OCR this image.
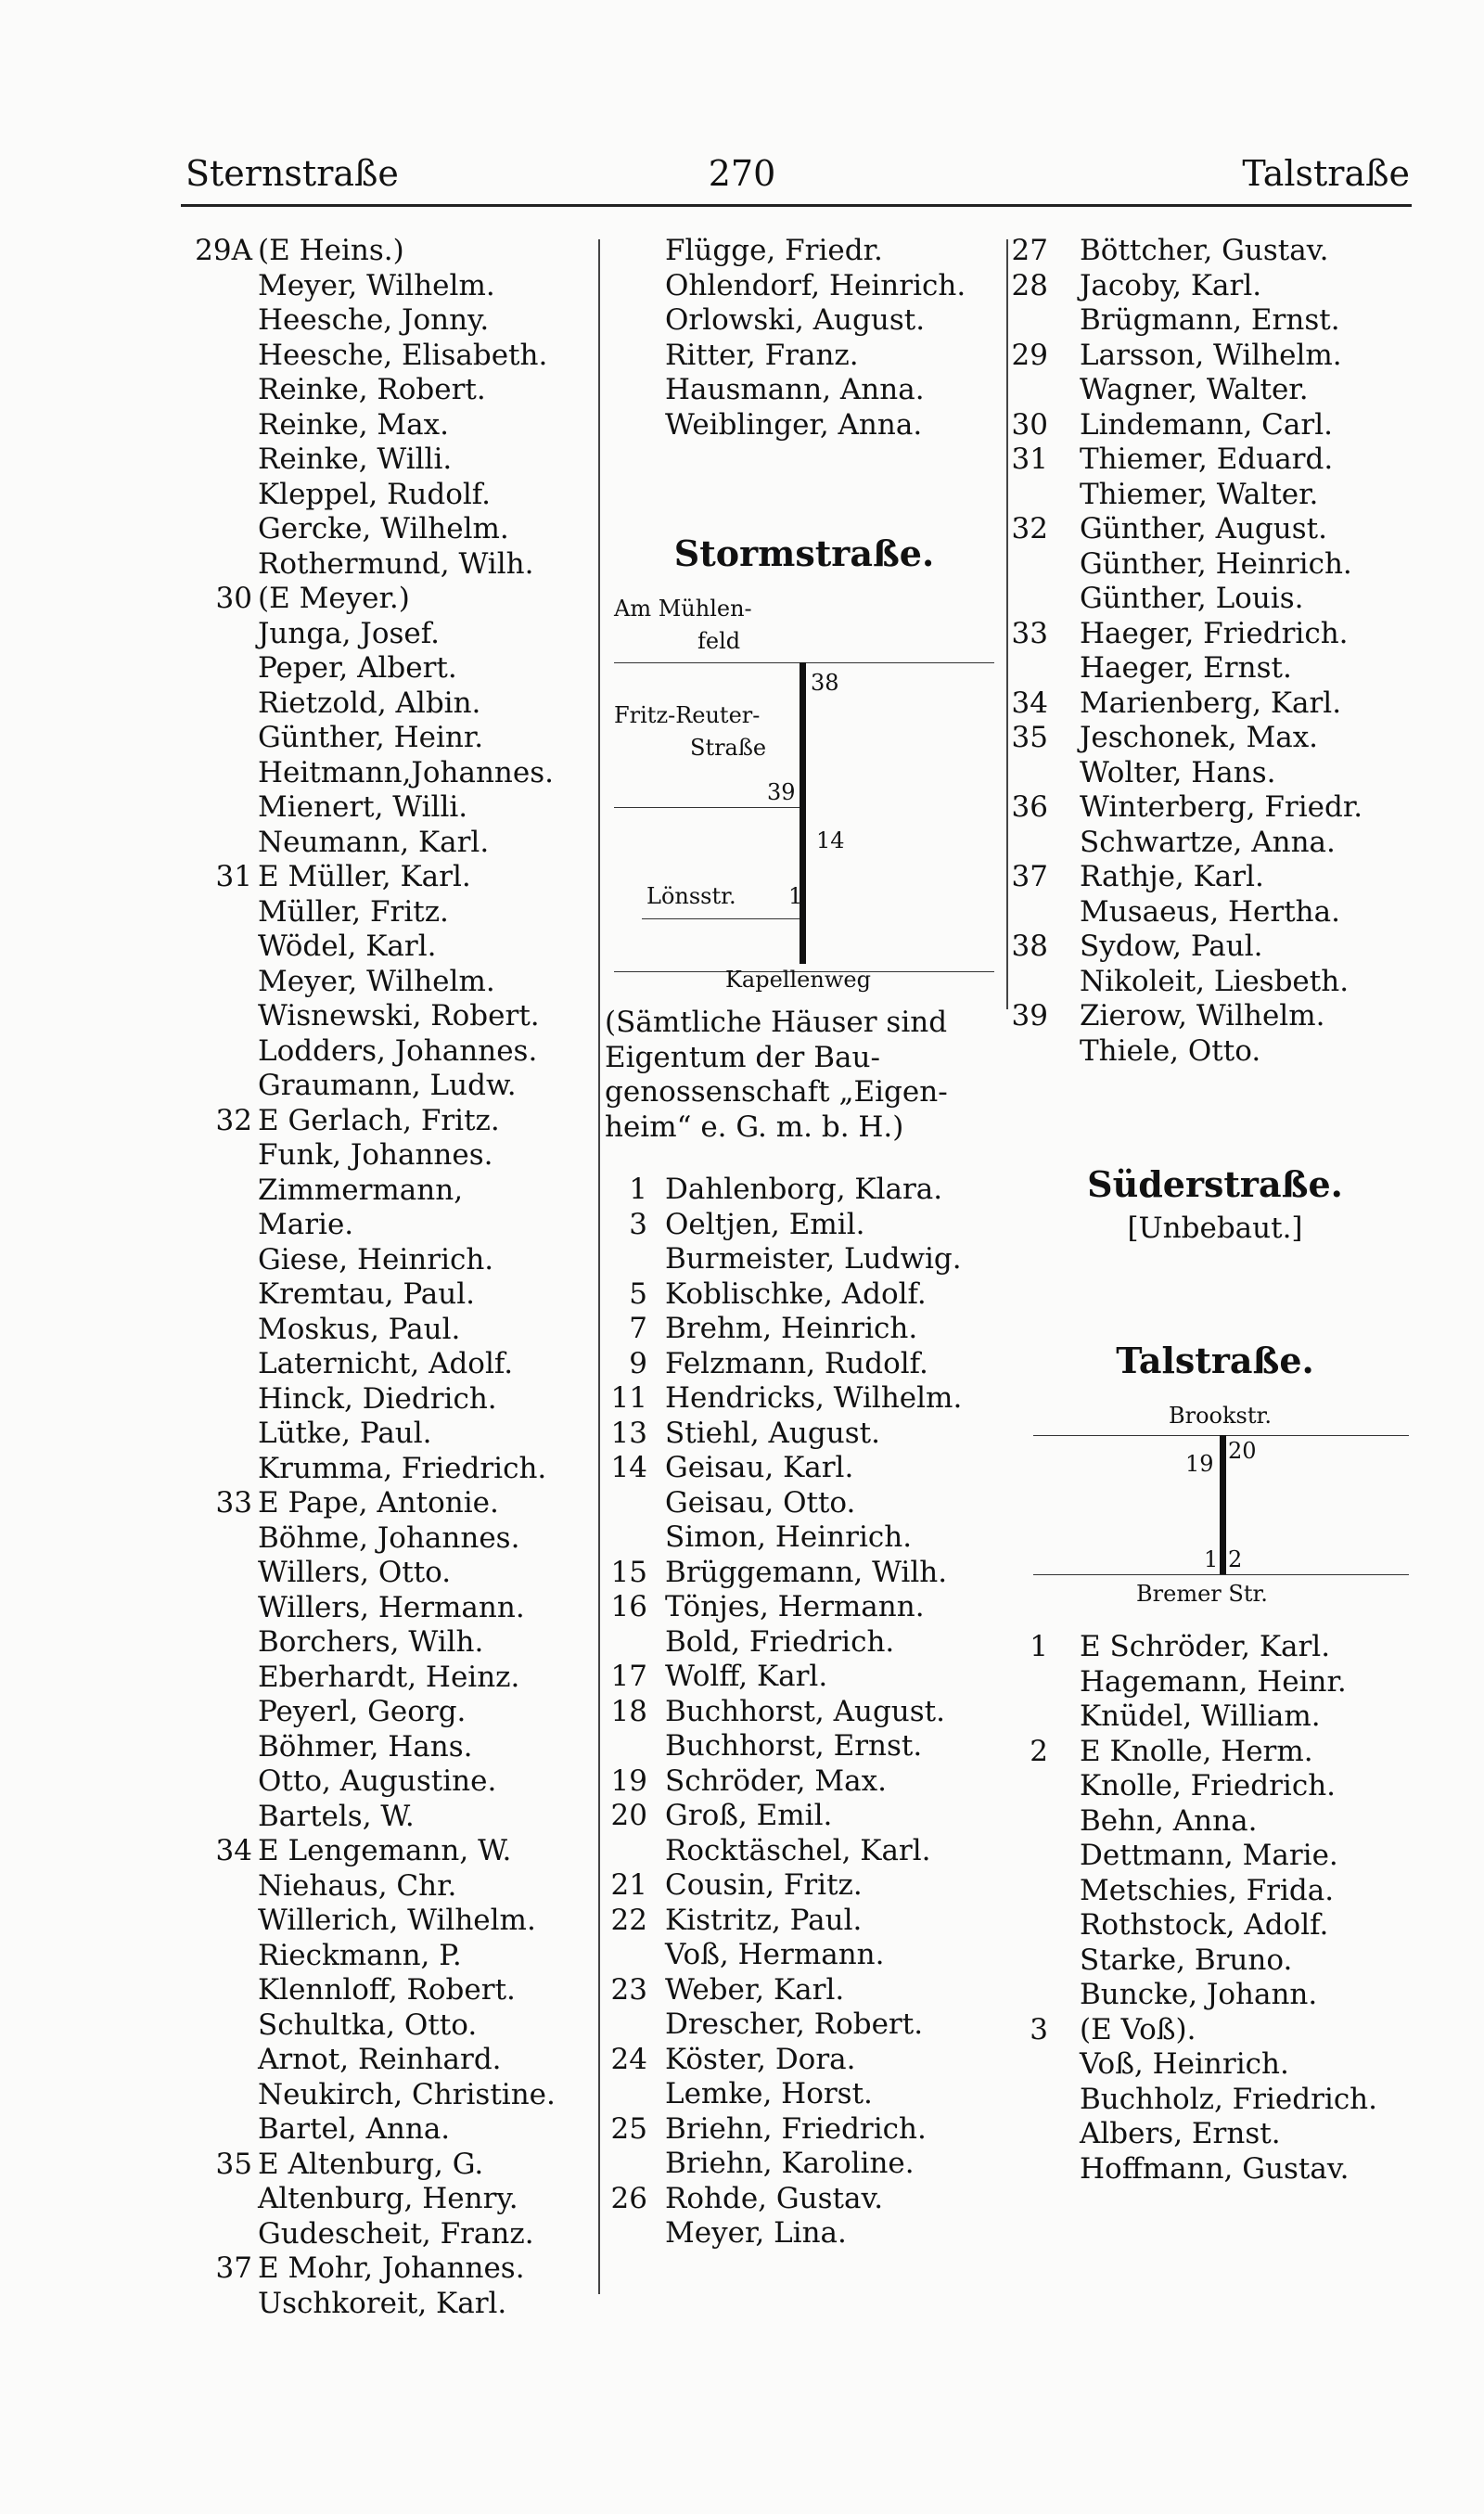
Sternstraße	270	Talstraße
29A (E Heins.)
Meyer, Wilhelm.
Heesche, Jonny.
Heesche, Elisabeth.
Reinke, Robert.
Reinke, Max.
Reinke, Willi.
Kleppel, Rudolf.
Gercke, Wilhelm.
Rothermund, Wilh.
30 (E Meyer.)
Junga, Josef.
Peper, Albert.
Rietzold, Albin.
Günther, Heinr.
Heitmann,Johannes.
Mienert, Willi.
Neumann, Karl.
31 E Müller, Karl.
Müller, Fritz.
Wödel, Karl.
Meyer, Wilhelm.
Wisnewski, Robert.
Lodders, Johannes.
Graumann, Ludw.
32 E Gerlach, Fritz.
Funk, Johannes.
Zimmermann,
Marie.
Giese, Heinrich.
Kremtau, Paul.
Moskus, Paul.
Laternicht, Adolf.
Hinck, Diedrich.
Lütke, Paul.
Krumma, Friedrich.
33 E Pape, Antonie.
Böhme, Johannes.
Willers, Otto.
Willers, Hermann.
Borchers, Wilh.
Eberhardt, Heinz.
Peyerl, Georg.
Böhmer, Hans.
Otto, Augustine.
Bartels, W.
34 E Lengemann, W.
Niehaus, Chr.
Willerich, Wilhelm.
Rieckmann, P.
Klennloff, Robert.
Schultka, Otto.
Arnot, Reinhard.
Neukirch, Christine.
Bartel, Anna.
35 E Altenburg, G.
Altenburg, Henry.
Gudescheit, Franz.
37 E Mohr, Johannes.
Uschkoreit, Karl.
Flügge, Friedr.
Ohlendorf, Heinrich.
Orlowski, August.
Ritter, Franz.
Hausmann, Anna.
Weiblinger, Anna.
Stormstraße.
Am Mühlen-
feld
38
Fritz-Reuter-
Straße
39
14
Lönsstr. 1
Kapellenweg
(Sämtliche Häuser sind
Eigentum der Bau-
genossenschaft „Eigen-
heim“ e. G. m. b. H.)
1 Dahlenborg, Klara.
3 Oeltjen, Emil.
Burmeister, Ludwig.
5 Koblischke, Adolf.
7 Brehm, Heinrich.
9 Felzmann, Rudolf.
11 Hendricks, Wilhelm.
13 Stiehl, August.
14 Geisau, Karl.
Geisau, Otto.
Simon, Heinrich.
15 Brüggemann, Wilh.
16 Tönjes, Hermann.
Bold, Friedrich.
17 Wolff, Karl.
18 Buchhorst, August.
Buchhorst, Ernst.
19 Schröder, Max.
20 Groß, Emil.
Rocktäschel, Karl.
21 Cousin, Fritz.
22 Kistritz, Paul.
Voß, Hermann.
23 Weber, Karl.
Drescher, Robert.
24 Köster, Dora.
Lemke, Horst.
25 Briehn, Friedrich.
Briehn, Karoline.
26 Rohde, Gustav.
Meyer, Lina.
27 Böttcher, Gustav.
28 Jacoby, Karl.
Brügmann, Ernst.
29 Larsson, Wilhelm.
Wagner, Walter.
30 Lindemann, Carl.
31 Thiemer, Eduard.
Thiemer, Walter.
32 Günther, August.
Günther, Heinrich.
Günther, Louis.
33 Haeger, Friedrich.
Haeger, Ernst.
34 Marienberg, Karl.
35 Jeschonek, Max.
Wolter, Hans.
36 Winterberg, Friedr.
Schwartze, Anna.
37 Rathje, Karl.
Musaeus, Hertha.
38 Sydow, Paul.
Nikoleit, Liesbeth.
39 Zierow, Wilhelm.
Thiele, Otto.
Süderstraße.
[Unbebaut.]
Talstraße.
Brookstr.
19 20
1 2
Bremer Str.
1 E Schröder, Karl.
Hagemann, Heinr.
Knüdel, William.
2 E Knolle, Herm.
Knolle, Friedrich.
Behn, Anna.
Dettmann, Marie.
Metschies, Frida.
Rothstock, Adolf.
Starke, Bruno.
Buncke, Johann.
3 (E Voß).
Voß, Heinrich.
Buchholz, Friedrich.
Albers, Ernst.
Hoffmann, Gustav.
